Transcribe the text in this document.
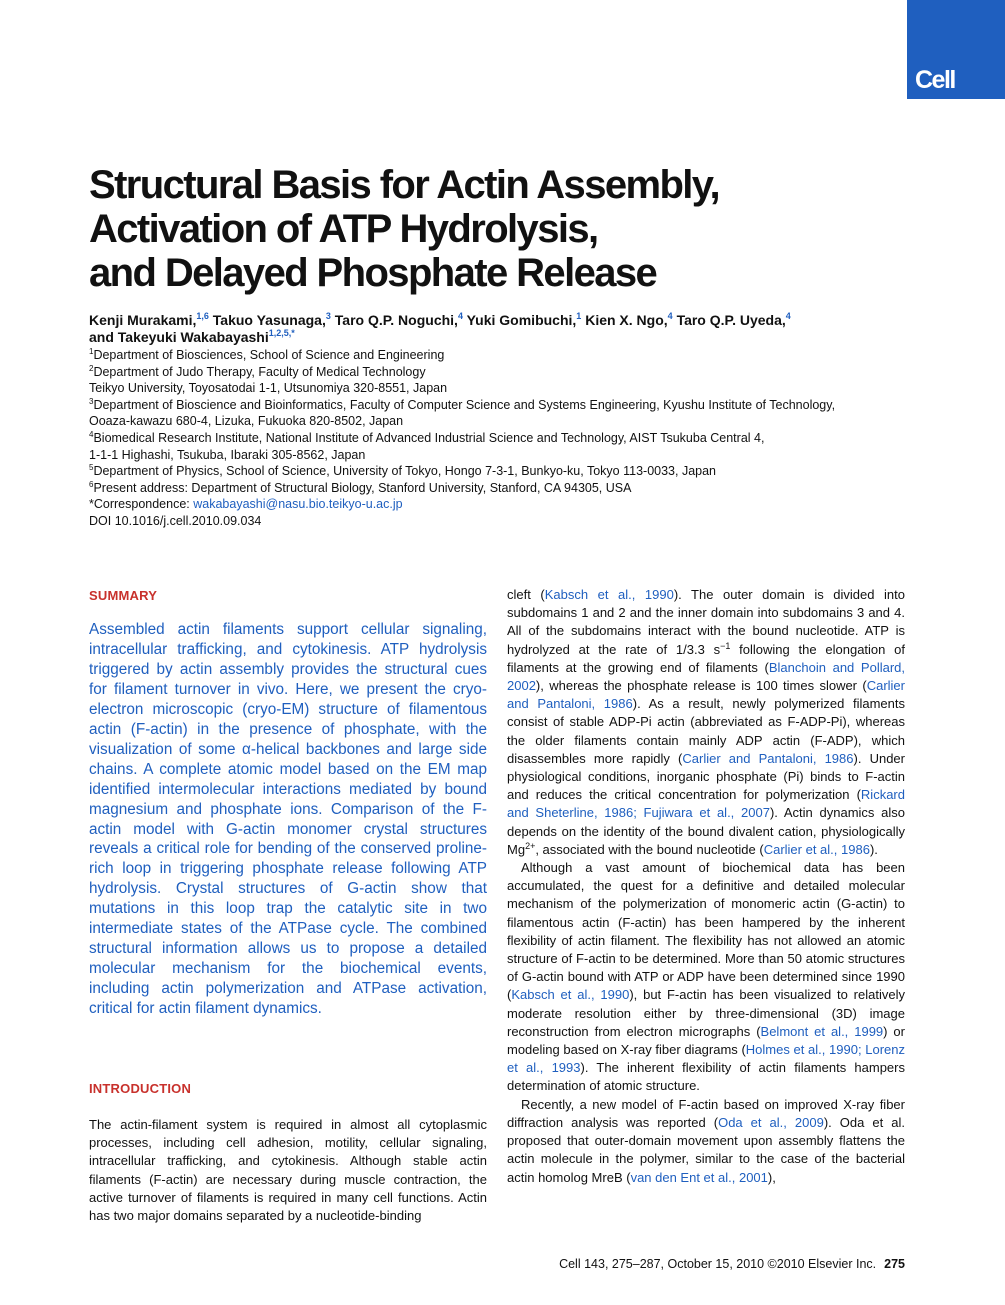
Cell
Structural Basis for Actin Assembly,
Activation of ATP Hydrolysis,
and Delayed Phosphate Release
Kenji Murakami,$^{1,6}$ Takuo Yasunaga,$^3$ Taro Q.P. Noguchi,$^4$ Yuki Gomibuchi,$^1$ Kien X. Ngo,$^4$ Taro Q.P. Uyeda,$^4$
and Takeyuki Wakabayashi$^{1,2,5,*}$
$^1$Department of Biosciences, School of Science and Engineering
$^2$Department of Judo Therapy, Faculty of Medical Technology
Teikyo University, Toyosatodai 1-1, Utsunomiya 320-8551, Japan
$^3$Department of Bioscience and Bioinformatics, Faculty of Computer Science and Systems Engineering, Kyushu Institute of Technology,
Ooaza-kawazu 680-4, Lizuka, Fukuoka 820-8502, Japan
$^4$Biomedical Research Institute, National Institute of Advanced Industrial Science and Technology, AIST Tsukuba Central 4,
1-1-1 Highashi, Tsukuba, Ibaraki 305-8562, Japan
$^5$Department of Physics, School of Science, University of Tokyo, Hongo 7-3-1, Bunkyo-ku, Tokyo 113-0033, Japan
$^6$Present address: Department of Structural Biology, Stanford University, Stanford, CA 94305, USA
*Correspondence: wakabayashi@nasu.bio.teikyo-u.ac.jp
DOI 10.1016/j.cell.2010.09.034
SUMMARY

Assembled actin filaments support cellular signaling, intracellular trafficking, and cytokinesis. ATP hydrolysis triggered by actin assembly provides the structural cues for filament turnover in vivo. Here, we present the cryo-electron microscopic (cryo-EM) structure of filamentous actin (F-actin) in the presence of phosphate, with the visualization of some α-helical backbones and large side chains. A complete atomic model based on the EM map identified intermolecular interactions mediated by bound magnesium and phosphate ions. Comparison of the F-actin model with G-actin monomer crystal structures reveals a critical role for bending of the conserved proline-rich loop in triggering phosphate release following ATP hydrolysis. Crystal structures of G-actin show that mutations in this loop trap the catalytic site in two intermediate states of the ATPase cycle. The combined structural information allows us to propose a detailed molecular mechanism for the biochemical events, including actin polymerization and ATPase activation, critical for actin filament dynamics.

INTRODUCTION

The actin-filament system is required in almost all cytoplasmic processes, including cell adhesion, motility, cellular signaling, intracellular trafficking, and cytokinesis. Although stable actin filaments (F-actin) are necessary during muscle contraction, the active turnover of filaments is required in many cell functions. Actin has two major domains separated by a nucleotide-binding

cleft (Kabsch et al., 1990). The outer domain is divided into subdomains 1 and 2 and the inner domain into subdomains 3 and 4. All of the subdomains interact with the bound nucleotide. ATP is hydrolyzed at the rate of 1/3.3 $s^{-1}$ following the elongation of filaments at the growing end of filaments (Blanchoin and Pollard, 2002), whereas the phosphate release is 100 times slower (Carlier and Pantaloni, 1986). As a result, newly polymerized filaments consist of stable ADP-Pi actin (abbreviated as F-ADP-Pi), whereas the older filaments contain mainly ADP actin (F-ADP), which disassembles more rapidly (Carlier and Pantaloni, 1986). Under physiological conditions, inorganic phosphate (Pi) binds to F-actin and reduces the critical concentration for polymerization (Rickard and Sheterline, 1986; Fujiwara et al., 2007). Actin dynamics also depends on the identity of the bound divalent cation, physiologically $Mg^{2+}$, associated with the bound nucleotide (Carlier et al., 1986).

Although a vast amount of biochemical data has been accumulated, the quest for a definitive and detailed molecular mechanism of the polymerization of monomeric actin (G-actin) to filamentous actin (F-actin) has been hampered by the inherent flexibility of actin filament. The flexibility has not allowed an atomic structure of F-actin to be determined. More than 50 atomic structures of G-actin bound with ATP or ADP have been determined since 1990 (Kabsch et al., 1990), but F-actin has been visualized to relatively moderate resolution either by three-dimensional (3D) image reconstruction from electron micrographs (Belmont et al., 1999) or modeling based on X-ray fiber diagrams (Holmes et al., 1990; Lorenz et al., 1993). The inherent flexibility of actin filaments hampers determination of atomic structure.

Recently, a new model of F-actin based on improved X-ray fiber diffraction analysis was reported (Oda et al., 2009). Oda et al. proposed that outer-domain movement upon assembly flattens the actin molecule in the polymer, similar to the case of the bacterial actin homolog MreB (van den Ent et al., 2001),

Cell 143, 275–287, October 15, 2010 ©2010 Elsevier Inc. 275
